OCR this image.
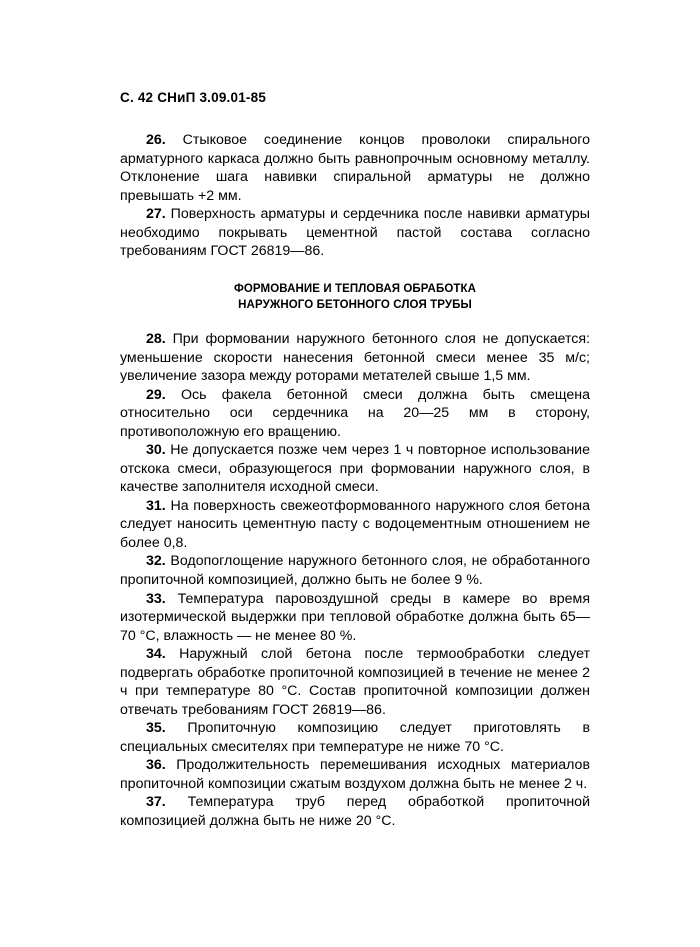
С. 42 СНиП 3.09.01-85

26. Стыковое соединение концов проволоки спирального арматурного каркаса должно быть равнопрочным основному металлу. Отклонение шага навивки спиральной арматуры не должно превышать +2 мм.

27. Поверхность арматуры и сердечника после навивки арматуры необходимо покрывать цементной пастой состава согласно требованиям ГОСТ 26819—86.

ФОРМОВАНИЕ И ТЕПЛОВАЯ ОБРАБОТКА
НАРУЖНОГО БЕТОННОГО СЛОЯ ТРУБЫ

28. При формовании наружного бетонного слоя не допускается: уменьшение скорости нанесения бетонной смеси менее 35 м/с; увеличение зазора между роторами метателей свыше 1,5 мм.

29. Ось факела бетонной смеси должна быть смещена относительно оси сердечника на 20—25 мм в сторону, противоположную его вращению.

30. Не допускается позже чем через 1 ч повторное использование отскока смеси, образующегося при формовании наружного слоя, в качестве заполнителя исходной смеси.

31. На поверхность свежеотформованного наружного слоя бетона следует наносить цементную пасту с водоцементным отношением не более 0,8.

32. Водопоглощение наружного бетонного слоя, не обработанного пропиточной композицией, должно быть не более 9 %.

33. Температура паровоздушной среды в камере во время изотермической выдержки при тепловой обработке должна быть 65—70 °С, влажность — не менее 80 %.

34. Наружный слой бетона после термообработки следует подвергать обработке пропиточной композицией в течение не менее 2 ч при температуре 80 °С. Состав пропиточной композиции должен отвечать требованиям ГОСТ 26819—86.

35. Пропиточную композицию следует приготовлять в специальных смесителях при температуре не ниже 70 °С.

36. Продолжительность перемешивания исходных материалов пропиточной композиции сжатым воздухом должна быть не менее 2 ч.

37. Температура труб перед обработкой пропиточной композицией должна быть не ниже 20 °С.
